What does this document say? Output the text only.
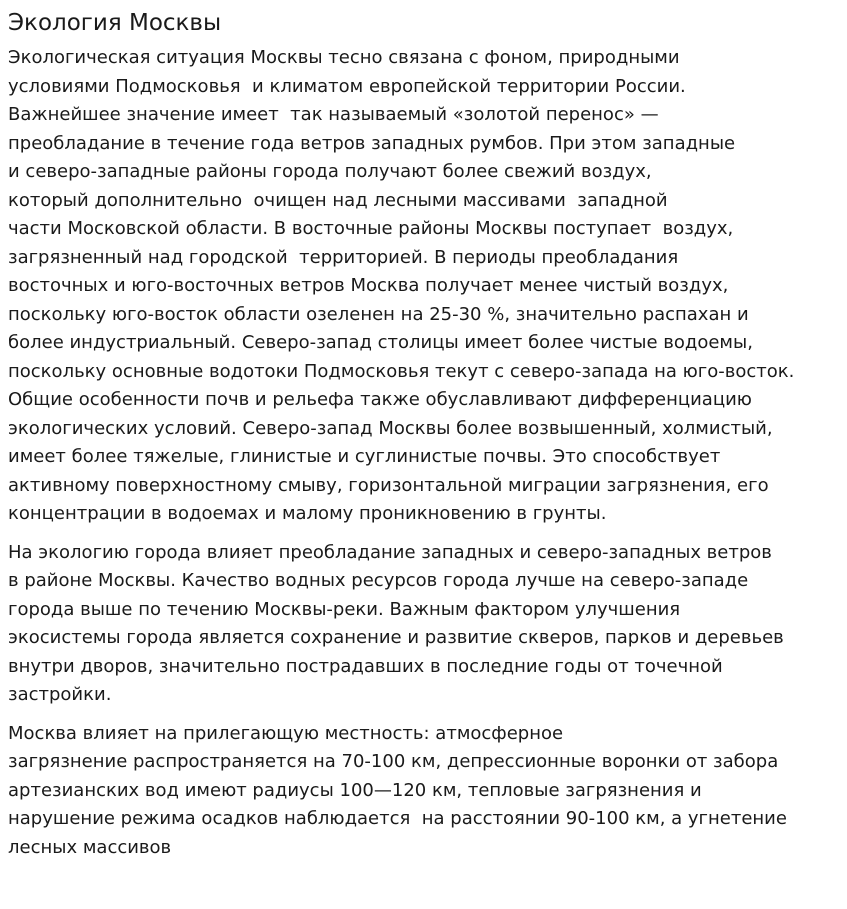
Экология Москвы
Экологическая ситуация Москвы тесно связана с фоном, природными
условиями Подмосковья  и климатом европейской территории России.
Важнейшее значение имеет  так называемый «золотой перенос» —
преобладание в течение года ветров западных румбов. При этом западные
и северо-западные районы города получают более свежий воздух,
который дополнительно  очищен над лесными массивами  западной
части Московской области. В восточные районы Москвы поступает  воздух,
загрязненный над городской  территорией. В периоды преобладания
восточных и юго-восточных ветров Москва получает менее чистый воздух,
поскольку юго-восток области озеленен на 25-30 %, значительно распахан и
более индустриальный. Северо-запад столицы имеет более чистые водоемы,
поскольку основные водотоки Подмосковья текут с северо-запада на юго-восток.
Общие особенности почв и рельефа также обуславливают дифференциацию
экологических условий. Северо-запад Москвы более возвышенный, холмистый,
имеет более тяжелые, глинистые и суглинистые почвы. Это способствует
активному поверхностному смыву, горизонтальной миграции загрязнения, его
концентрации в водоемах и малому проникновению в грунты.
На экологию города влияет преобладание западных и северо-западных ветров
в районе Москвы. Качество водных ресурсов города лучше на северо-западе
города выше по течению Москвы-реки. Важным фактором улучшения
экосистемы города является сохранение и развитие скверов, парков и деревьев
внутри дворов, значительно пострадавших в последние годы от точечной
застройки.
Москва влияет на прилегающую местность: атмосферное
загрязнение распространяется на 70-100 км, депрессионные воронки от забора
артезианских вод имеют радиусы 100—120 км, тепловые загрязнения и
нарушение режима осадков наблюдается  на расстоянии 90-100 км, а угнетение
лесных массивов
